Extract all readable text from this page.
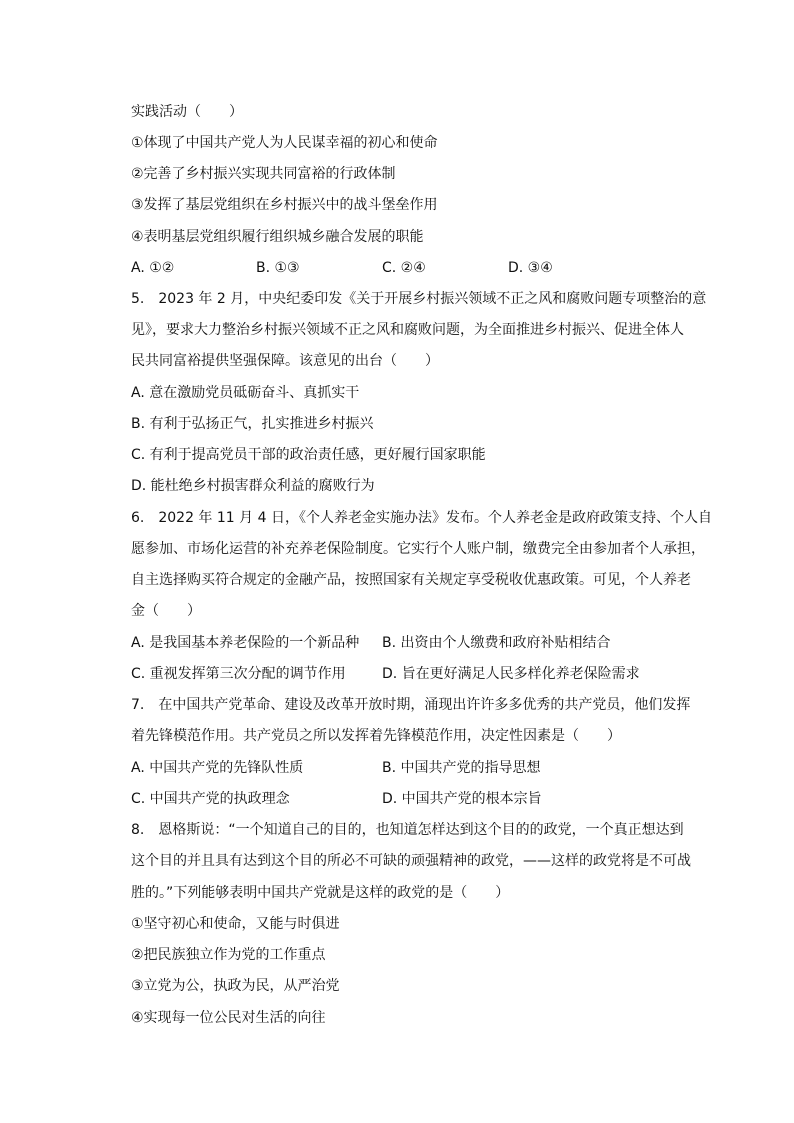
实践活动（　　）
①体现了中国共产党人为人民谋幸福的初心和使命
②完善了乡村振兴实现共同富裕的行政体制
③发挥了基层党组织在乡村振兴中的战斗堡垒作用
④表明基层党组织履行组织城乡融合发展的职能
A. ①②	B. ①③	C. ②④	D. ③④
5.　2023 年 2 月，中央纪委印发《关于开展乡村振兴领域不正之风和腐败问题专项整治的意
见》，要求大力整治乡村振兴领域不正之风和腐败问题，为全面推进乡村振兴、促进全体人
民共同富裕提供坚强保障。该意见的出台（　　）
A. 意在激励党员砥砺奋斗、真抓实干
B. 有利于弘扬正气，扎实推进乡村振兴
C. 有利于提高党员干部的政治责任感，更好履行国家职能
D. 能杜绝乡村损害群众利益的腐败行为
6.　2022 年 11 月 4 日，《个人养老金实施办法》发布。个人养老金是政府政策支持、个人自
愿参加、市场化运营的补充养老保险制度。它实行个人账户制，缴费完全由参加者个人承担，
自主选择购买符合规定的金融产品，按照国家有关规定享受税收优惠政策。可见，个人养老
金（　　）
A. 是我国基本养老保险的一个新品种 B. 出资由个人缴费和政府补贴相结合
C. 重视发挥第三次分配的调节作用	D. 旨在更好满足人民多样化养老保险需求
7.　在中国共产党革命、建设及改革开放时期，涌现出许许多多优秀的共产党员，他们发挥
着先锋模范作用。共产党员之所以发挥着先锋模范作用，决定性因素是（　　）
A. 中国共产党的先锋队性质	B. 中国共产党的指导思想
C. 中国共产党的执政理念	D. 中国共产党的根本宗旨
8.　恩格斯说：“一个知道自己的目的，也知道怎样达到这个目的的政党，一个真正想达到
这个目的并且具有达到这个目的所必不可缺的顽强精神的政党，——这样的政党将是不可战
胜的。”下列能够表明中国共产党就是这样的政党的是（　　）
①坚守初心和使命，又能与时俱进
②把民族独立作为党的工作重点
③立党为公，执政为民，从严治党
④实现每一位公民对生活的向往
